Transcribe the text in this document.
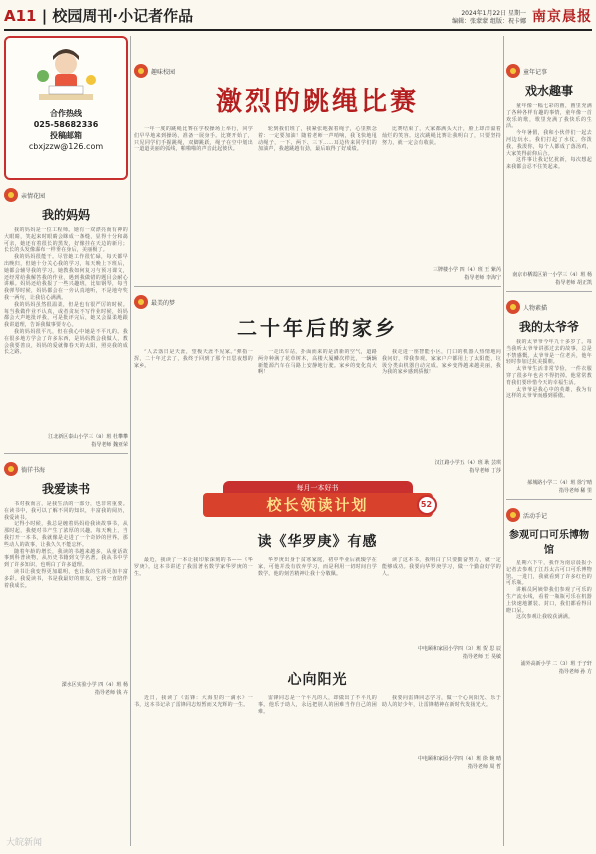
A11 | 校园周刊·小记者作品	2024年1月22日 星期一
编辑：张蒙蒙 组版：祝卡娜 南京晨报

合作热线

025-58682336

投稿邮箱

cbxjzzw@126.com

亲情花园
我的妈妈

我的妈妈是一位工程师。她有一双漂亮而有神的大眼睛，笑起来时眼睛会眯成一条缝，显得十分和蔼可亲，她还有着很长的黑发，好像挂在天边的新月；长长的头发像瀑布一样垂在身后，美丽极了。

我的妈妈很能干。尽管她工作很忙碌，每天都早出晚归，但她十分关心我的学习，每天晚上下班后，她都会辅导我的学习。她教我如何复习与预习课文，还经常给我解答我的作业，遇到我做错的题目会耐心讲解。妈妈还给我报了一些兴趣班，比如钢琴，每当我弹琴时候，妈妈都会在一旁认真地听，不是地夸奖我一两句，让我信心满满。

我的妈妈虽然很温柔，但是也有很严厉的时候。每当我做作业不认真，或者贪玩不写作业时候，妈妈都会大声地批评我，可是批评完后，她又会温柔地跟我讲道理，告诉我做事要专心。

我的妈妈很平凡，但在我心中她是不平凡的。我在很多地方学会了许多东西，是妈妈教会我做人，教会我要善良，妈妈的爱就像春天的太阳，照亮我的成长之路。

江北新区泰山小学三（8）班 杜攀攀
指导老师 魏亚荣
徜徉书海
我爱读书

书对我而言，是我生活的一部分，也非常重要。在读书中，我可以了解不同的知识，丰富我的阅历，我爱读书。

记得小时候，我总是缠着妈妈给我读故事书，从那时起，我便对书产生了浓厚的兴趣。每天晚上，当我打开一本书，我就像是走进了一个奇妙的世界。那些动人的故事，让我久久不能忘怀。

随着年龄的增长，我读的书越来越多，从童话故事到科普读物，从历史书籍到文学名著。我从书中学到了许多知识，也明白了许多道理。

读书让我变得更加聪明，也让我的生活更加丰富多彩。我爱读书，书是我最好的朋友，它将一直陪伴着我成长。

溧水区实验小学 四（4）班 杨
指导老师 钱 卉
趣味校园
激烈的跳绳比赛
一年一度的跳绳比赛在学校操场上举行，同学们早早地来到操场，准备一展身手。比赛开始了，只见同学们手握跳绳，双脚跳跃，绳子在空中划出一道道美丽的弧线，啪啪啪的声音此起彼伏。
轮到我们班了，我紧张地握着绳子，心里默念着：一定要加油！随着老师一声哨响，我飞快地甩动绳子，一下、两下、三下……耳边传来同学们的加油声，我越跳越有劲，最后取得了好成绩。
比赛结束了，大家都满头大汗，脸上却洋溢着灿烂的笑容。这次跳绳比赛让我明白了，只要坚持努力，就一定会有收获。
三牌楼小学 四（4）班 王 紫芮
指导老师 李海宁
最美的梦
二十年后的家乡
“人去落日是天涯，望极天涯不见家。”弹指一挥，二十年过去了，我终于回到了那个日思夜想的家乡。
一走出车站，扑面而来的是清新的空气，道路两旁种满了花草树木，高楼大厦鳞次栉比，一辆辆新能源汽车在马路上安静地行驶。家乡的变化真大啊！
我走进一座智能小区，门口的机器人热情地向我问好，带我参观。家家户户都用上了太阳能，垃圾分类由机器自动完成。家乡变得越来越美丽，我为我的家乡感到骄傲！
汉江路小学五（4）班 耿 芸琪
指导老师 丁莎
每月一本好书
校长领读计划	52
读《华罗庚》有感
最近，我读了一本让我印象深刻的书——《华罗庚》。这本书讲述了我国著名数学家华罗庚的一生。
华罗庚出身于贫寒家庭，初中毕业后就辍学在家，可他并没有放弃学习，而是利用一切时间自学数学。他的刻苦精神让我十分敬佩。
读了这本书，我明白了只要勤奋努力，就一定能够成功。我要向华罗庚学习，做一个勤奋好学的人。
中电颐和家园小学四（3）班 贺 思 辰
指导老师 王 昊敏
心向阳光
近日，我读了《雷锋：大海里的一滴水》一书，这本书记录了雷锋同志短暂而又光辉的一生。
雷锋同志是一个平凡的人，却做出了不平凡的事。他乐于助人，永远把别人的困难当作自己的困难。
我要向雷锋同志学习，做一个心向阳光、乐于助人的好少年，让雷锋精神在新时代发扬光大。
中电颐和家园小学四（4）班 徐 婉 晴
指导老师 周 哲
童年记事
戏水趣事

童年像一幅七彩的画，画里充满了各种各样有趣的事情，童年像一首欢乐的歌，歌里充满了我快乐的生活。

今年暑假，我和小伙伴们一起去河边玩水。我们打起了水仗，你泼我，我泼你，每个人都成了落汤鸡，大家笑得前仰后合。

这件事让我记忆犹新，每次想起来我都会忍不住笑起来。

南京市栖霞区第一小学三（4）班 杨
指导老师 胡正凯
人物素描
我的太爷爷

我的太爷爷今年九十多岁了。每当我听太爷爷讲那过去的故事，总是不禁感慨。太爷爷是一位老兵，他年轻时参加过抗美援朝。

太爷爷生活非常节俭，一件衣服穿了很多年也舍不得扔掉。他常常教育我们要珍惜今天的幸福生活。

太爷爷是我心中的英雄，我为有这样的太爷爷而感到骄傲。

郝城路小学二（4）班 徐宁晴
指导老师 稀 里
活动手记
参观可口可乐博物馆

星期六下午，我作为南京晨报小记者去参观了江苏太古可口可乐博物馆。一进门，我就看到了许多红色的可乐瓶。

讲解员阿姨带我们参观了可乐的生产流水线，看着一瓶瓶可乐在机器上快速地灌装、封口，我们都看得目瞪口呆。

这次参观让我收获满满。

浦外高新小学 二（3）班 于子轩
指导老师 孙 方
大皖新闻
